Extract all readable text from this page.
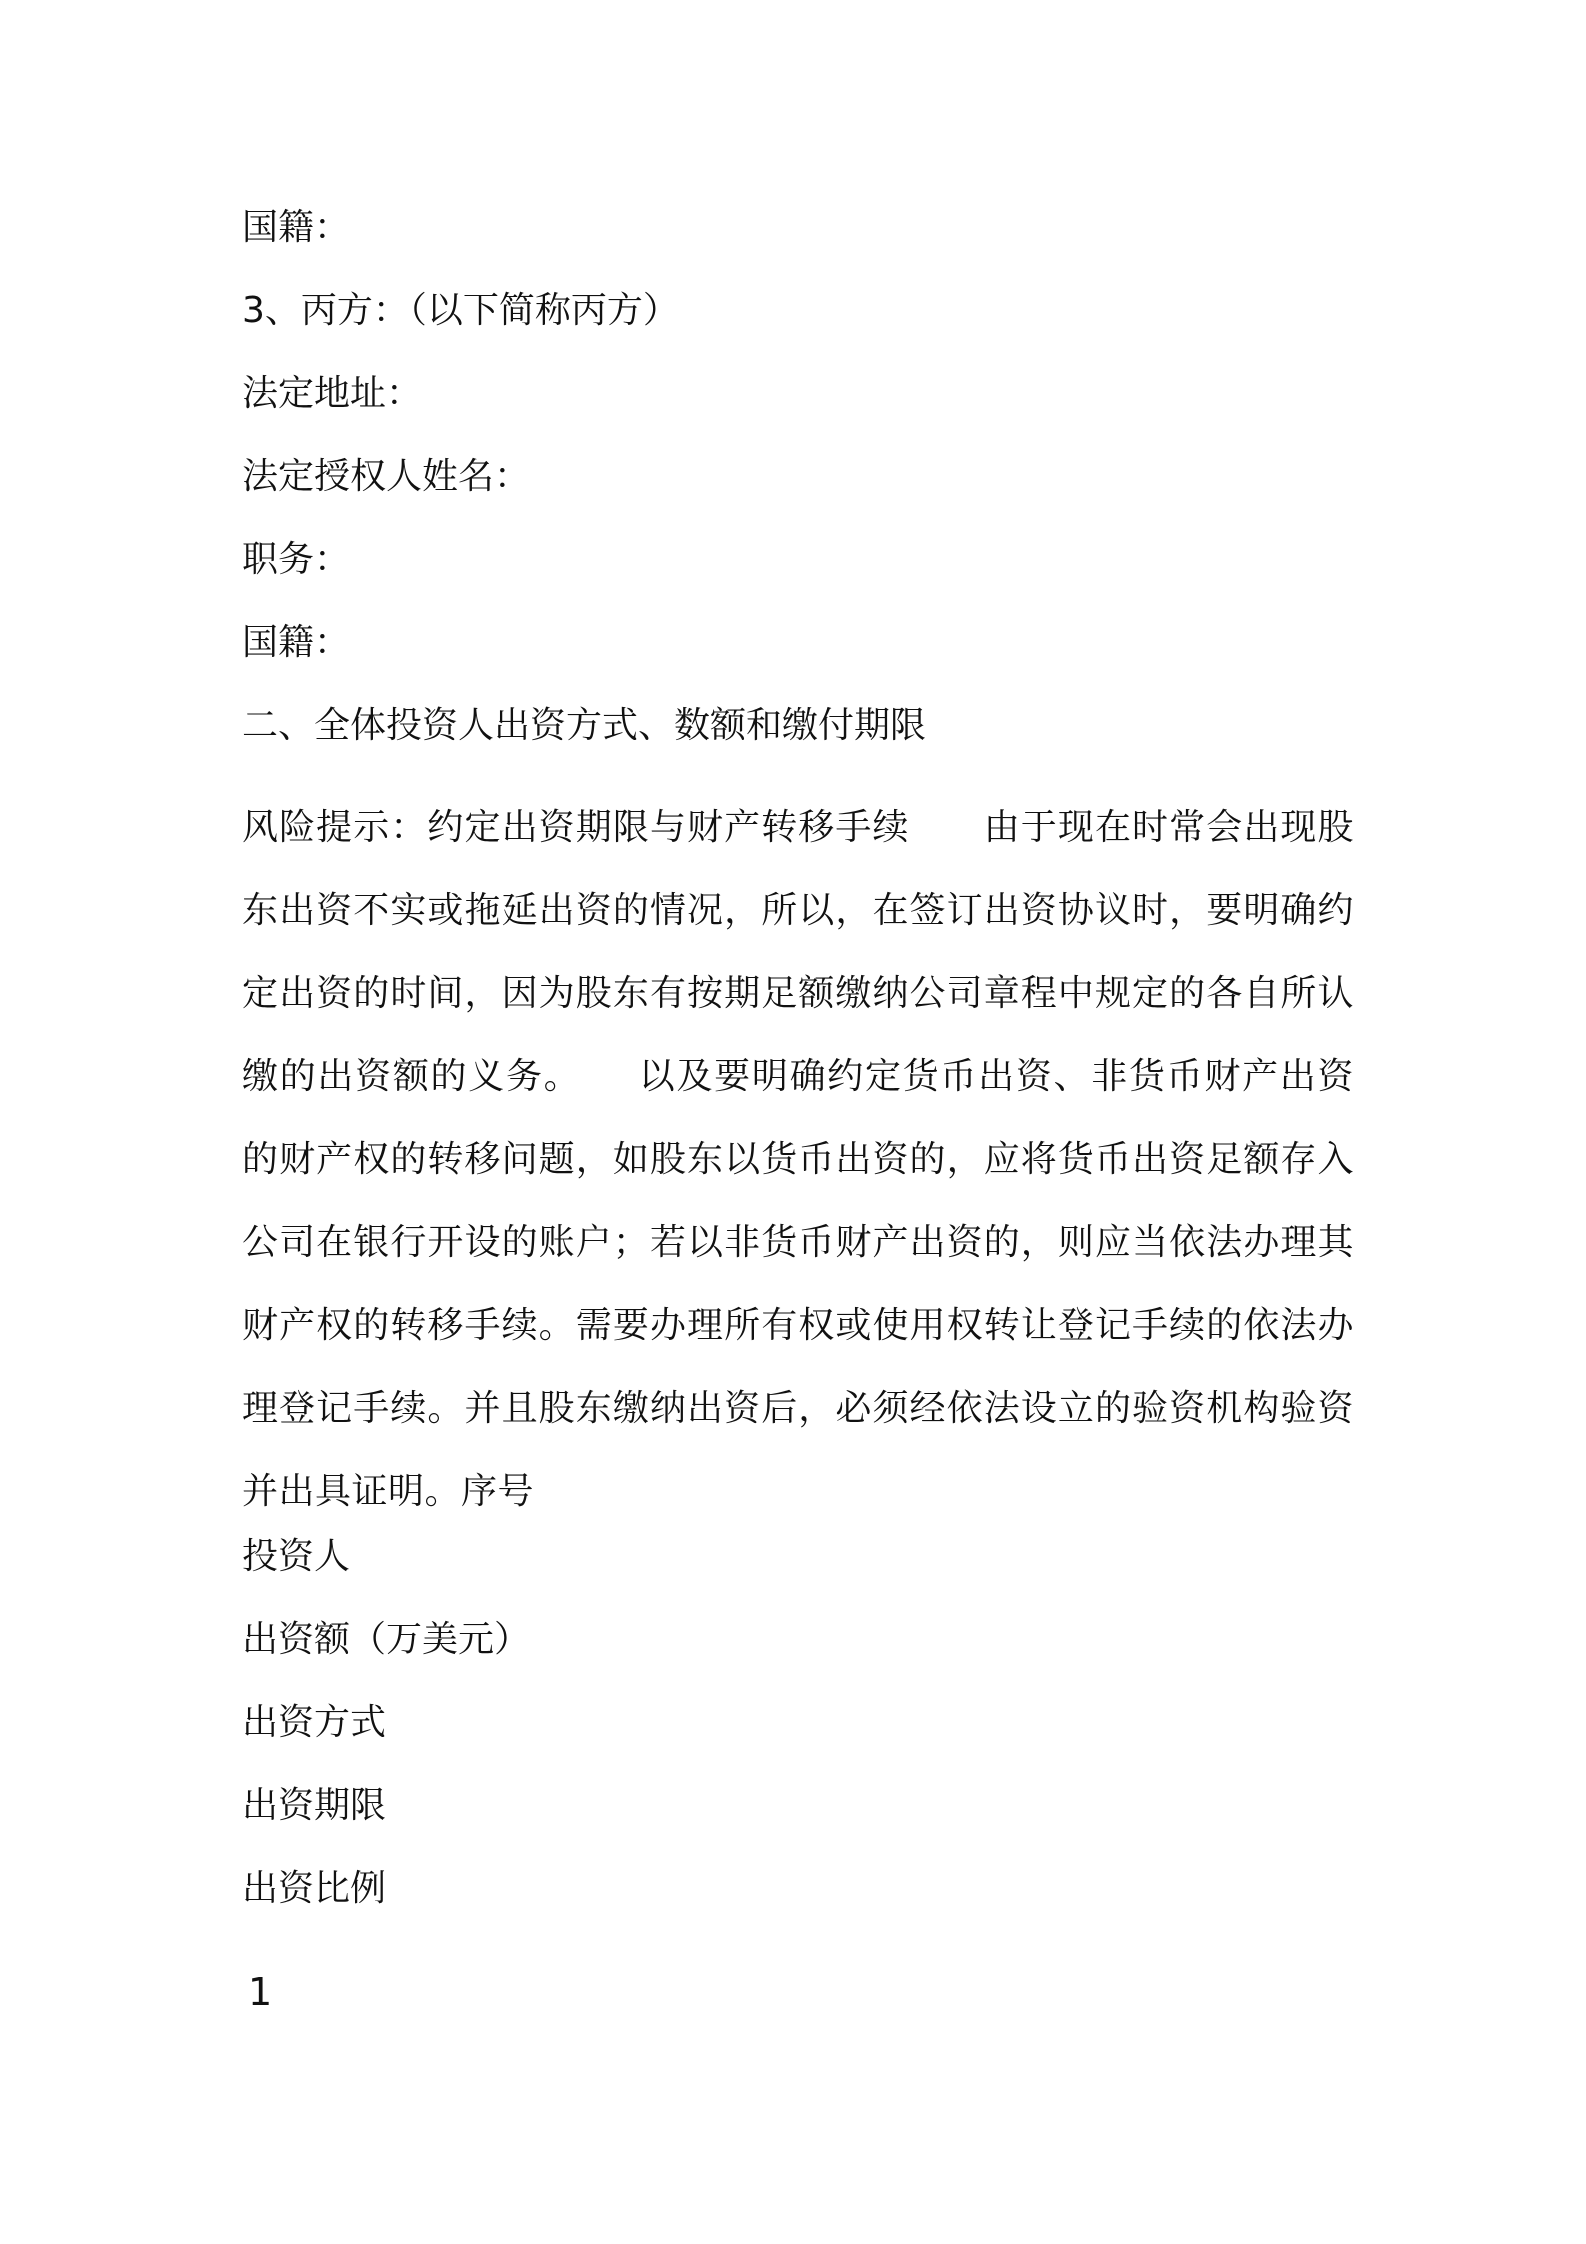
国籍：
3、丙方：（以下简称丙方）
法定地址：
法定授权人姓名：
职务：
国籍：
二、全体投资人出资方式、数额和缴付期限
风险提示：约定出资期限与财产转移手续　　由于现在时常会出现股东出资不实或拖延出资的情况，所以，在签订出资协议时，要明确约定出资的时间，因为股东有按期足额缴纳公司章程中规定的各自所认缴的出资额的义务。　　以及要明确约定货币出资、非货币财产出资的财产权的转移问题，如股东以货币出资的，应将货币出资足额存入公司在银行开设的账户；若以非货币财产出资的，则应当依法办理其财产权的转移手续。需要办理所有权或使用权转让登记手续的依法办理登记手续。并且股东缴纳出资后，必须经依法设立的验资机构验资并出具证明。序号
投资人
出资额（万美元）
出资方式
出资期限
出资比例
1
